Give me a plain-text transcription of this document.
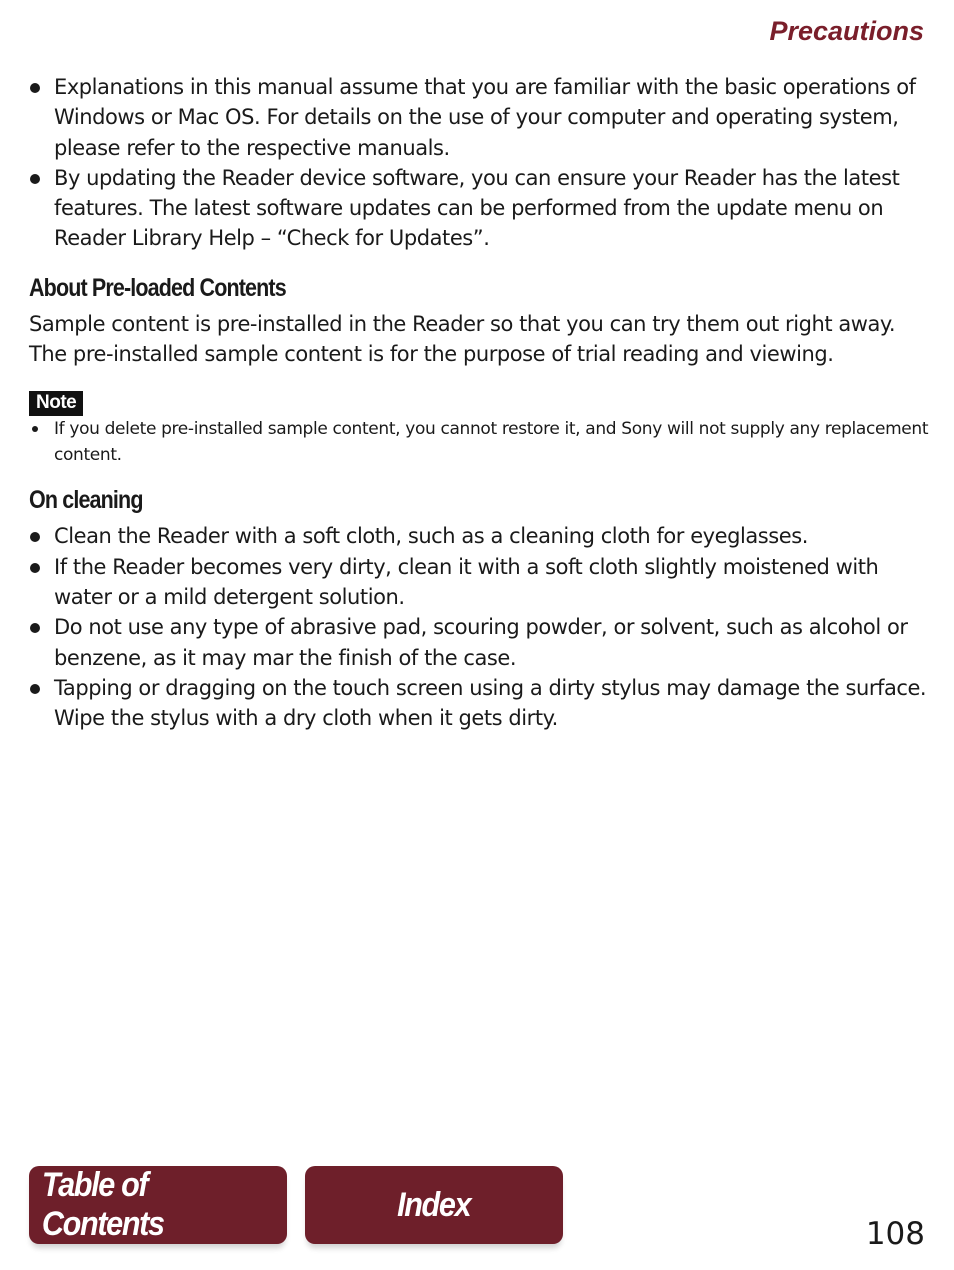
Precautions
Explanations in this manual assume that you are familiar with the basic operations of Windows or Mac OS. For details on the use of your computer and operating system, please refer to the respective manuals.
By updating the Reader device software, you can ensure your Reader has the latest features. The latest software updates can be performed from the update menu on Reader Library Help – “Check for Updates”.
About Pre-loaded Contents

Sample content is pre-installed in the Reader so that you can try them out right away. The pre-installed sample content is for the purpose of trial reading and viewing.

Note
If you delete pre-installed sample content, you cannot restore it, and Sony will not supply any replacement content.
On cleaning
Clean the Reader with a soft cloth, such as a cleaning cloth for eyeglasses.
If the Reader becomes very dirty, clean it with a soft cloth slightly moistened with water or a mild detergent solution.
Do not use any type of abrasive pad, scouring powder, or solvent, such as alcohol or benzene, as it may mar the finish of the case.
Tapping or dragging on the touch screen using a dirty stylus may damage the surface. Wipe the stylus with a dry cloth when it gets dirty.
Table of Contents
Index
108
